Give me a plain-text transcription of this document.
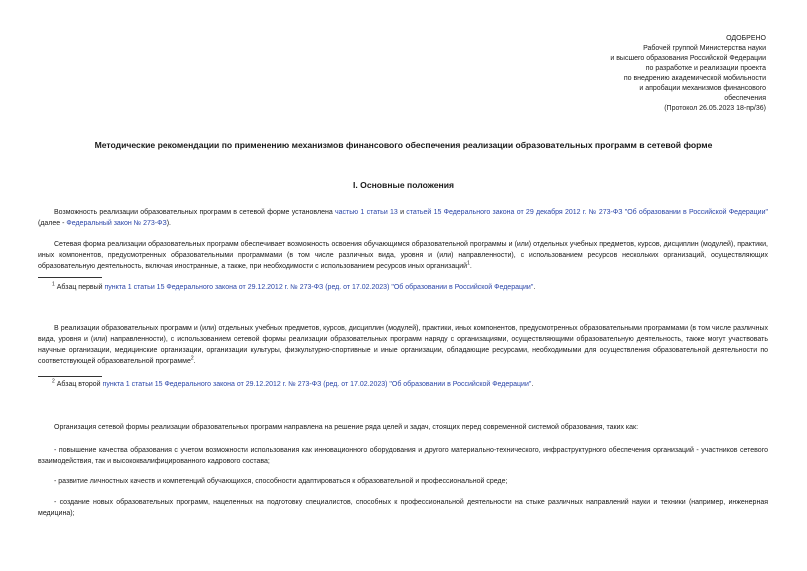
ОДОБРЕНО
Рабочей группой Министерства науки
и высшего образования Российской Федерации
по разработке и реализации проекта
по внедрению академической мобильности
и апробации механизмов финансового
обеспечения
(Протокол 26.05.2023 18-пр/36)
Методические рекомендации по применению механизмов финансового обеспечения реализации образовательных программ в сетевой форме
I. Основные положения

Возможность реализации образовательных программ в сетевой форме установлена частью 1 статьи 13 и статьей 15 Федерального закона от 29 декабря 2012 г. № 273-ФЗ "Об образовании в Российской Федерации" (далее - Федеральный закон № 273-ФЗ).

Сетевая форма реализации образовательных программ обеспечивает возможность освоения обучающимся образовательной программы и (или) отдельных учебных предметов, курсов, дисциплин (модулей), практики, иных компонентов, предусмотренных образовательными программами (в том числе различных вида, уровня и (или) направленности), с использованием ресурсов нескольких организаций, осуществляющих образовательную деятельность, включая иностранные, а также, при необходимости с использованием ресурсов иных организаций$^1$.

$^1$ Абзац первый пункта 1 статьи 15 Федерального закона от 29.12.2012 г. № 273-ФЗ (ред. от 17.02.2023) "Об образовании в Российской Федерации".

В реализации образовательных программ и (или) отдельных учебных предметов, курсов, дисциплин (модулей), практики, иных компонентов, предусмотренных образовательными программами (в том числе различных вида, уровня и (или) направленности), с использованием сетевой формы реализации образовательных программ наряду с организациями, осуществляющими образовательную деятельность, также могут участвовать научные организации, медицинские организации, организации культуры, физкультурно-спортивные и иные организации, обладающие ресурсами, необходимыми для осуществления образовательной деятельности по соответствующей образовательной программе$^2$.

$^2$ Абзац второй пункта 1 статьи 15 Федерального закона от 29.12.2012 г. № 273-ФЗ (ред. от 17.02.2023) "Об образовании в Российской Федерации".

Организация сетевой формы реализации образовательных программ направлена на решение ряда целей и задач, стоящих перед современной системой образования, таких как:

- повышение качества образования с учетом возможности использования как инновационного оборудования и другого материально-технического, инфраструктурного обеспечения организаций - участников сетевого взаимодействия, так и высококвалифицированного кадрового состава;

- развитие личностных качеств и компетенций обучающихся, способности адаптироваться к образовательной и профессиональной среде;

- создание новых образовательных программ, нацеленных на подготовку специалистов, способных к профессиональной деятельности на стыке различных направлений науки и техники (например, инженерная медицина);
